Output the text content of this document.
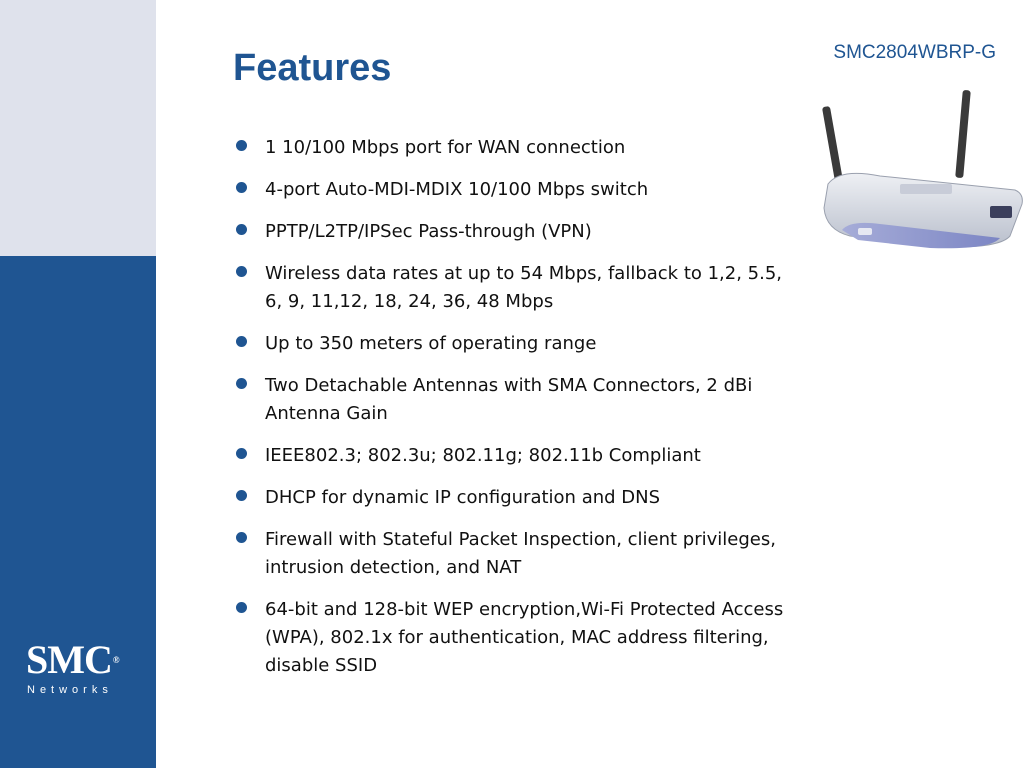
SMC®
Networks
Features	SMC2804WBRP-G
1 10/100 Mbps port for WAN connection
4-port Auto-MDI-MDIX 10/100 Mbps switch
PPTP/L2TP/IPSec Pass-through (VPN)
Wireless data rates at up to 54 Mbps, fallback to 1,2, 5.5, 6, 9, 11,12, 18, 24, 36, 48 Mbps
Up to 350 meters of operating range
Two Detachable Antennas with SMA Connectors, 2 dBi Antenna Gain
IEEE802.3; 802.3u; 802.11g; 802.11b Compliant
DHCP for dynamic IP configuration and DNS
Firewall with Stateful Packet Inspection, client privileges, intrusion detection, and NAT
64-bit and 128-bit WEP encryption,Wi-Fi Protected Access (WPA), 802.1x for authentication, MAC address filtering, disable SSID
